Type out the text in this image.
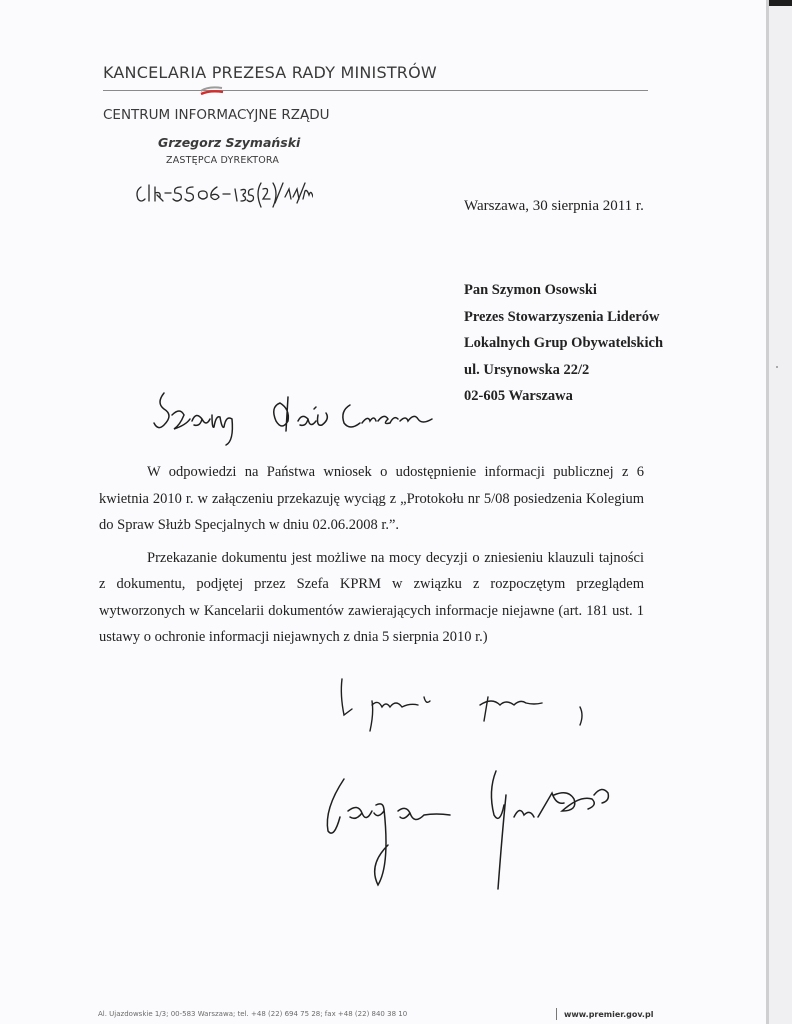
KANCELARIA PREZESA RADY MINISTRÓW
CENTRUM INFORMACYJNE RZĄDU
Grzegorz Szymański
ZASTĘPCA DYREKTORA
Warszawa, 30 sierpnia 2011 r.
Pan Szymon Osowski
Prezes Stowarzyszenia Liderów
Lokalnych Grup Obywatelskich
ul. Ursynowska 22/2
02-605 Warszawa

W odpowiedzi na Państwa wniosek o udostępnienie informacji publicznej z 6 kwietnia 2010 r. w załączeniu przekazuję wyciąg z „Protokołu nr 5/08 posiedzenia Kolegium do Spraw Służb Specjalnych w dniu 02.06.2008 r.”.

Przekazanie dokumentu jest możliwe na mocy decyzji o zniesieniu klauzuli tajności z dokumentu, podjętej przez Szefa KPRM w związku z rozpoczętym przeglądem wytworzonych w Kancelarii dokumentów zawierających informacje niejawne (art. 181 ust. 1 ustawy o ochronie informacji niejawnych z dnia 5 sierpnia 2010 r.)

Al. Ujazdowskie 1/3; 00-583 Warszawa; tel. +48 (22) 694 75 28; fax +48 (22) 840 38 10	www.premier.gov.pl
